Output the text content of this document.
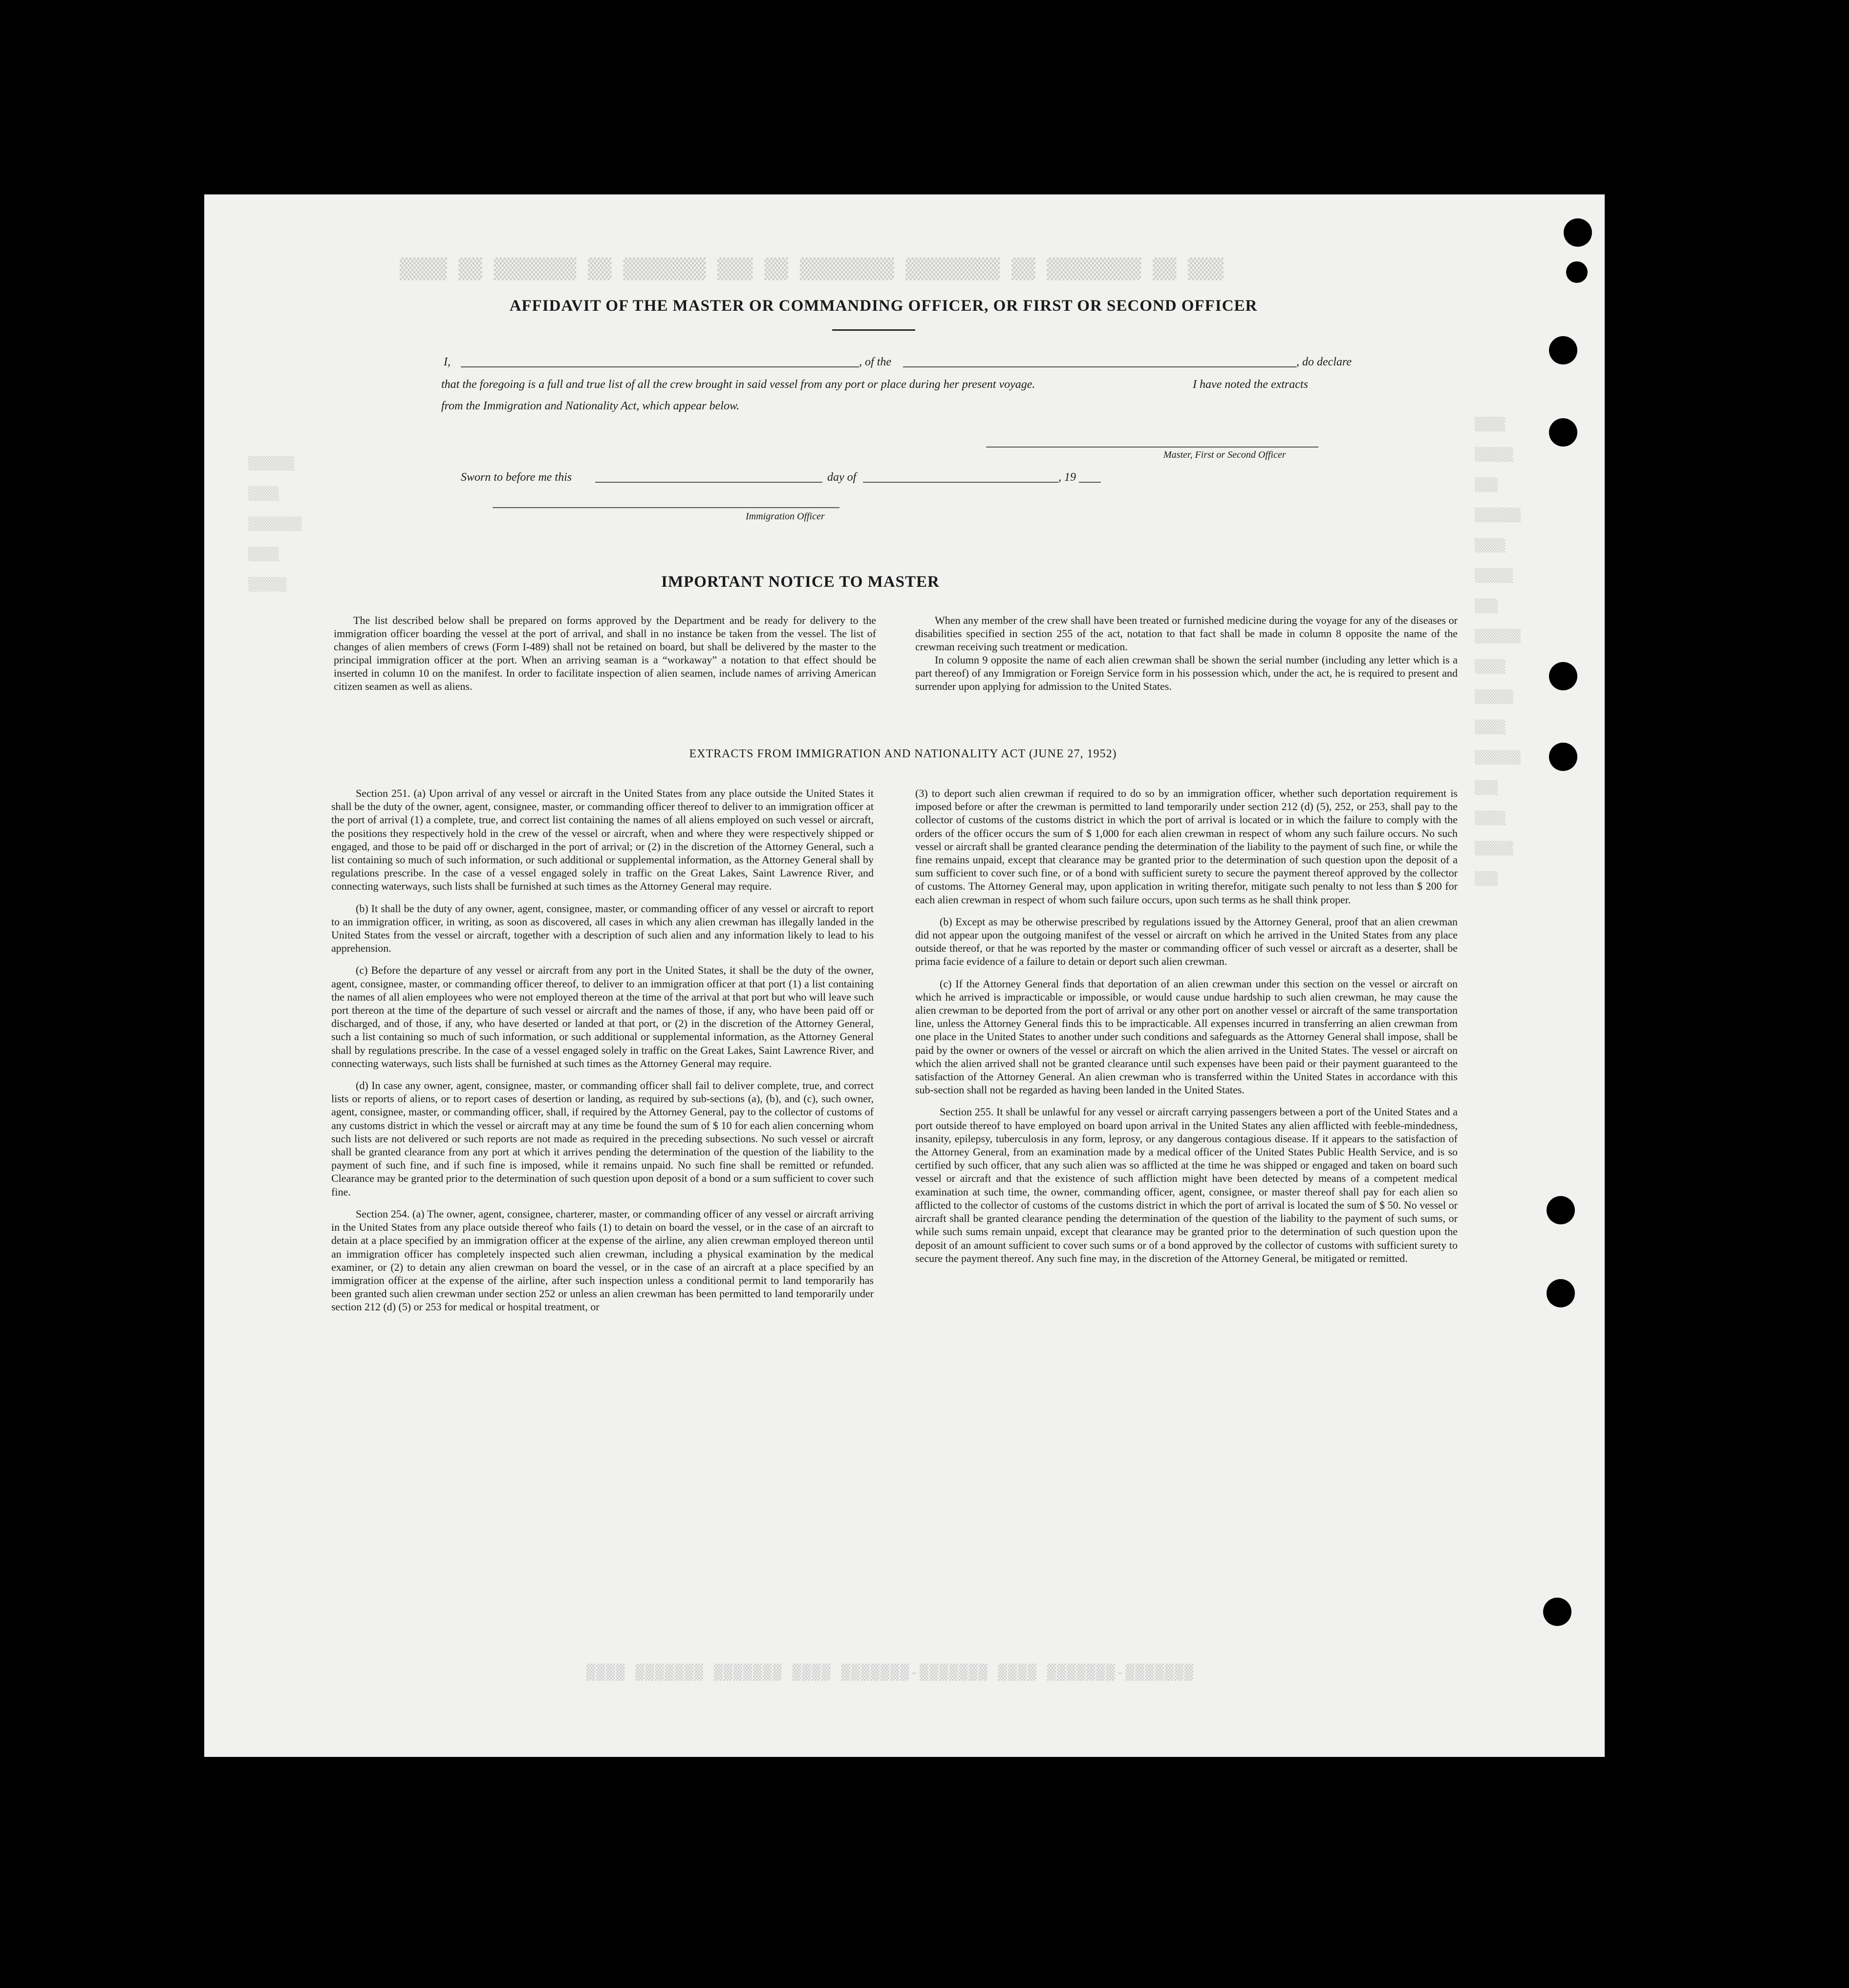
▒▒▒ ▒▒ ▒▒▒▒▒▒▒▒ ▒▒ ▒▒▒▒▒▒▒▒ ▒▒▒▒▒▒▒▒ ▒▒ ▒▒▒ ▒▒▒▒▒▒▒ ▒▒ ▒▒▒▒▒▒▒ ▒▒ ▒▒▒▒
▒▒▒▒
▒▒▒▒▒
▒▒▒
▒▒▒▒▒▒
▒▒▒▒
▒▒▒▒▒
▒▒▒
▒▒▒▒▒▒
▒▒▒▒
▒▒▒▒▒
▒▒▒▒
▒▒▒▒▒▒
▒▒▒
▒▒▒▒
▒▒▒▒▒
▒▒▒
▒▒▒▒▒▒
▒▒▒▒
▒▒▒▒▒▒▒
▒▒▒▒
▒▒▒▒▒
▒▒▒▒▒▒▒-▒▒▒▒▒▒▒ ▒▒▒▒ ▒▒▒▒▒▒▒-▒▒▒▒▒▒▒ ▒▒▒▒ ▒▒▒▒▒▒▒ ▒▒▒▒▒▒▒ ▒▒▒▒
AFFIDAVIT OF THE MASTER OR COMMANDING OFFICER, OR FIRST OR SECOND OFFICER
I,	, of the	, do declare
that the foregoing is a full and true list of all the crew brought in said vessel from any port or place during her present voyage.	I have noted the extracts
from the Immigration and Nationality Act, which appear below.
Master, First or Second Officer
Sworn to before me this	day of	, 19
Immigration Officer
IMPORTANT NOTICE TO MASTER

The list described below shall be prepared on forms approved by the Department and be ready for delivery to the immigration officer boarding the vessel at the port of arrival, and shall in no instance be taken from the vessel. The list of changes of alien members of crews (Form I-489) shall not be retained on board, but shall be delivered by the master to the principal immigration officer at the port. When an arriving seaman is a “workaway” a notation to that effect should be inserted in column 10 on the manifest. In order to facilitate inspection of alien seamen, include names of arriving American citizen seamen as well as aliens.

When any member of the crew shall have been treated or furnished medicine during the voyage for any of the diseases or disabilities specified in section 255 of the act, notation to that fact shall be made in column 8 opposite the name of the crewman receiving such treatment or medication.

In column 9 opposite the name of each alien crewman shall be shown the serial number (including any letter which is a part thereof) of any Immigration or Foreign Service form in his possession which, under the act, he is required to present and surrender upon applying for admission to the United States.

EXTRACTS FROM IMMIGRATION AND NATIONALITY ACT (JUNE 27, 1952)

Section 251. (a) Upon arrival of any vessel or aircraft in the United States from any place outside the United States it shall be the duty of the owner, agent, consignee, master, or commanding officer thereof to deliver to an immigration officer at the port of arrival (1) a complete, true, and correct list containing the names of all aliens employed on such vessel or aircraft, the positions they respectively hold in the crew of the vessel or aircraft, when and where they were respectively shipped or engaged, and those to be paid off or discharged in the port of arrival; or (2) in the discretion of the Attorney General, such a list containing so much of such information, or such additional or supplemental information, as the Attorney General shall by regulations prescribe. In the case of a vessel engaged solely in traffic on the Great Lakes, Saint Lawrence River, and connecting waterways, such lists shall be furnished at such times as the Attorney General may require.

(b) It shall be the duty of any owner, agent, consignee, master, or commanding officer of any vessel or aircraft to report to an immigration officer, in writing, as soon as discovered, all cases in which any alien crewman has illegally landed in the United States from the vessel or aircraft, together with a description of such alien and any information likely to lead to his apprehension.

(c) Before the departure of any vessel or aircraft from any port in the United States, it shall be the duty of the owner, agent, consignee, master, or commanding officer thereof, to deliver to an immigration officer at that port (1) a list containing the names of all alien employees who were not employed thereon at the time of the arrival at that port but who will leave such port thereon at the time of the departure of such vessel or aircraft and the names of those, if any, who have been paid off or discharged, and of those, if any, who have deserted or landed at that port, or (2) in the discretion of the Attorney General, such a list containing so much of such information, or such additional or supplemental information, as the Attorney General shall by regulations prescribe. In the case of a vessel engaged solely in traffic on the Great Lakes, Saint Lawrence River, and connecting waterways, such lists shall be furnished at such times as the Attorney General may require.

(d) In case any owner, agent, consignee, master, or commanding officer shall fail to deliver complete, true, and correct lists or reports of aliens, or to report cases of desertion or landing, as required by sub-sections (a), (b), and (c), such owner, agent, consignee, master, or commanding officer, shall, if required by the Attorney General, pay to the collector of customs of any customs district in which the vessel or aircraft may at any time be found the sum of $ 10 for each alien concerning whom such lists are not delivered or such reports are not made as required in the preceding subsections. No such vessel or aircraft shall be granted clearance from any port at which it arrives pending the determination of the question of the liability to the payment of such fine, and if such fine is imposed, while it remains unpaid. No such fine shall be remitted or refunded. Clearance may be granted prior to the determination of such question upon deposit of a bond or a sum sufficient to cover such fine.

Section 254. (a) The owner, agent, consignee, charterer, master, or commanding officer of any vessel or aircraft arriving in the United States from any place outside thereof who fails (1) to detain on board the vessel, or in the case of an aircraft to detain at a place specified by an immigration officer at the expense of the airline, any alien crewman employed thereon until an immigration officer has completely inspected such alien crewman, including a physical examination by the medical examiner, or (2) to detain any alien crewman on board the vessel, or in the case of an aircraft at a place specified by an immigration officer at the expense of the airline, after such inspection unless a conditional permit to land temporarily has been granted such alien crewman under section 252 or unless an alien crewman has been permitted to land temporarily under section 212 (d) (5) or 253 for medical or hospital treatment, or

(3) to deport such alien crewman if required to do so by an immigration officer, whether such deportation requirement is imposed before or after the crewman is permitted to land temporarily under section 212 (d) (5), 252, or 253, shall pay to the collector of customs of the customs district in which the port of arrival is located or in which the failure to comply with the orders of the officer occurs the sum of $ 1,000 for each alien crewman in respect of whom any such failure occurs. No such vessel or aircraft shall be granted clearance pending the determination of the liability to the payment of such fine, or while the fine remains unpaid, except that clearance may be granted prior to the determination of such question upon the deposit of a sum sufficient to cover such fine, or of a bond with sufficient surety to secure the payment thereof approved by the collector of customs. The Attorney General may, upon application in writing therefor, mitigate such penalty to not less than $ 200 for each alien crewman in respect of whom such failure occurs, upon such terms as he shall think proper.

(b) Except as may be otherwise prescribed by regulations issued by the Attorney General, proof that an alien crewman did not appear upon the outgoing manifest of the vessel or aircraft on which he arrived in the United States from any place outside thereof, or that he was reported by the master or commanding officer of such vessel or aircraft as a deserter, shall be prima facie evidence of a failure to detain or deport such alien crewman.

(c) If the Attorney General finds that deportation of an alien crewman under this section on the vessel or aircraft on which he arrived is impracticable or impossible, or would cause undue hardship to such alien crewman, he may cause the alien crewman to be deported from the port of arrival or any other port on another vessel or aircraft of the same transportation line, unless the Attorney General finds this to be impracticable. All expenses incurred in transferring an alien crewman from one place in the United States to another under such conditions and safeguards as the Attorney General shall impose, shall be paid by the owner or owners of the vessel or aircraft on which the alien arrived in the United States. The vessel or aircraft on which the alien arrived shall not be granted clearance until such expenses have been paid or their payment guaranteed to the satisfaction of the Attorney General. An alien crewman who is transferred within the United States in accordance with this sub-section shall not be regarded as having been landed in the United States.

Section 255. It shall be unlawful for any vessel or aircraft carrying passengers between a port of the United States and a port outside thereof to have employed on board upon arrival in the United States any alien afflicted with feeble-mindedness, insanity, epilepsy, tuberculosis in any form, leprosy, or any dangerous contagious disease. If it appears to the satisfaction of the Attorney General, from an examination made by a medical officer of the United States Public Health Service, and is so certified by such officer, that any such alien was so afflicted at the time he was shipped or engaged and taken on board such vessel or aircraft and that the existence of such affliction might have been detected by means of a competent medical examination at such time, the owner, commanding officer, agent, consignee, or master thereof shall pay for each alien so afflicted to the collector of customs of the customs district in which the port of arrival is located the sum of $ 50. No vessel or aircraft shall be granted clearance pending the determination of the question of the liability to the payment of such sums, or while such sums remain unpaid, except that clearance may be granted prior to the determination of such question upon the deposit of an amount sufficient to cover such sums or of a bond approved by the collector of customs with sufficient surety to secure the payment thereof. Any such fine may, in the discretion of the Attorney General, be mitigated or remitted.
